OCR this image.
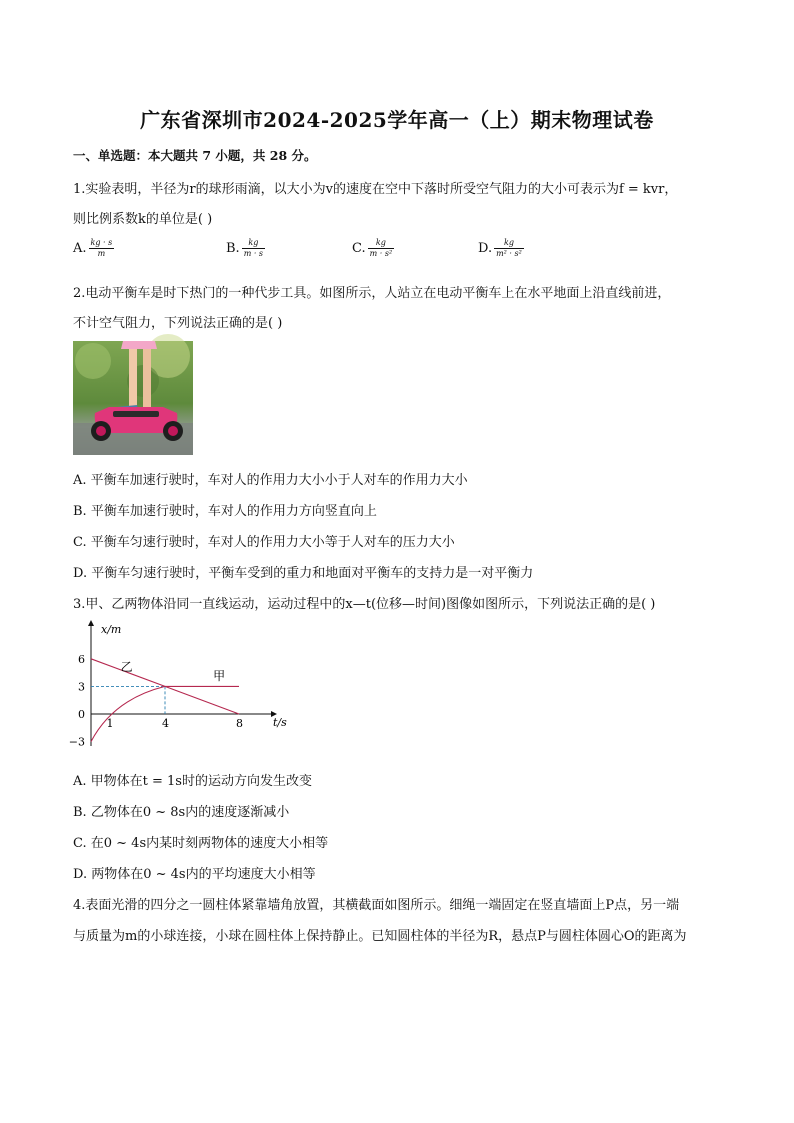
广东省深圳市2024-2025学年高一（上）期末物理试卷
一、单选题：本大题共 7 小题，共 28 分。
1.实验表明，半径为r的球形雨滴，以大小为v的速度在空中下落时所受空气阻力的大小可表示为f = kvr，
则比例系数k的单位是( )
A. $\frac{kg \cdot s}{m}$	B. $\frac{kg}{m \cdot s}$	C. $\frac{kg}{\text{m · s²}}$	D. $\frac{kg}{\text{m² · s²}}$
2.电动平衡车是时下热门的一种代步工具。如图所示，人站立在电动平衡车上在水平地面上沿直线前进，
不计空气阻力，下列说法正确的是( )
A. 平衡车加速行驶时，车对人的作用力大小小于人对车的作用力大小
B. 平衡车加速行驶时，车对人的作用力方向竖直向上
C. 平衡车匀速行驶时，车对人的作用力大小等于人对车的压力大小
D. 平衡车匀速行驶时，平衡车受到的重力和地面对平衡车的支持力是一对平衡力
3.甲、乙两物体沿同一直线运动，运动过程中的x—t(位移—时间)图像如图所示，下列说法正确的是( )
x/m
t/s
1	4	8
6
3
0
−3
乙
甲
A. 甲物体在t = 1s时的运动方向发生改变
B. 乙物体在0 ~ 8s内的速度逐渐减小
C. 在0 ~ 4s内某时刻两物体的速度大小相等
D. 两物体在0 ~ 4s内的平均速度大小相等
4.表面光滑的四分之一圆柱体紧靠墙角放置，其横截面如图所示。细绳一端固定在竖直墙面上P点，另一端
与质量为m的小球连接，小球在圆柱体上保持静止。已知圆柱体的半径为R，悬点P与圆柱体圆心O的距离为
